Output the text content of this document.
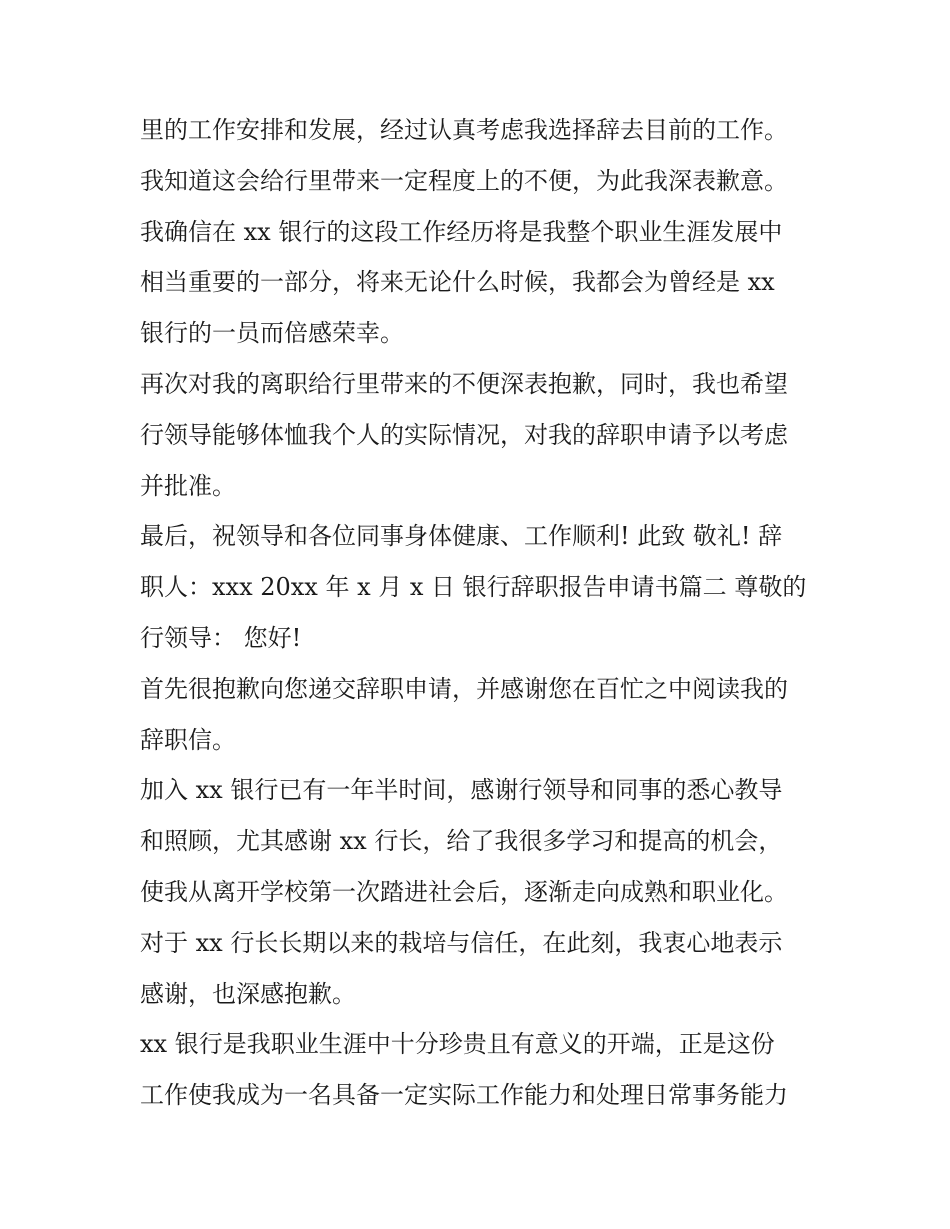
里的工作安排和发展，经过认真考虑我选择辞去目前的工作。
我知道这会给行里带来一定程度上的不便，为此我深表歉意。
我确信在 xx 银行的这段工作经历将是我整个职业生涯发展中
相当重要的一部分，将来无论什么时候，我都会为曾经是 xx
银行的一员而倍感荣幸。
再次对我的离职给行里带来的不便深表抱歉，同时，我也希望
行领导能够体恤我个人的实际情况，对我的辞职申请予以考虑
并批准。
最后，祝领导和各位同事身体健康、工作顺利! 此致 敬礼! 辞
职人：xxx 20xx 年 x 月 x 日 银行辞职报告申请书篇二 尊敬的
行领导： 您好!
首先很抱歉向您递交辞职申请，并感谢您在百忙之中阅读我的
辞职信。
加入 xx 银行已有一年半时间，感谢行领导和同事的悉心教导
和照顾，尤其感谢 xx 行长，给了我很多学习和提高的机会，
使我从离开学校第一次踏进社会后，逐渐走向成熟和职业化。
对于 xx 行长长期以来的栽培与信任，在此刻，我衷心地表示
感谢，也深感抱歉。
xx 银行是我职业生涯中十分珍贵且有意义的开端，正是这份
工作使我成为一名具备一定实际工作能力和处理日常事务能力
